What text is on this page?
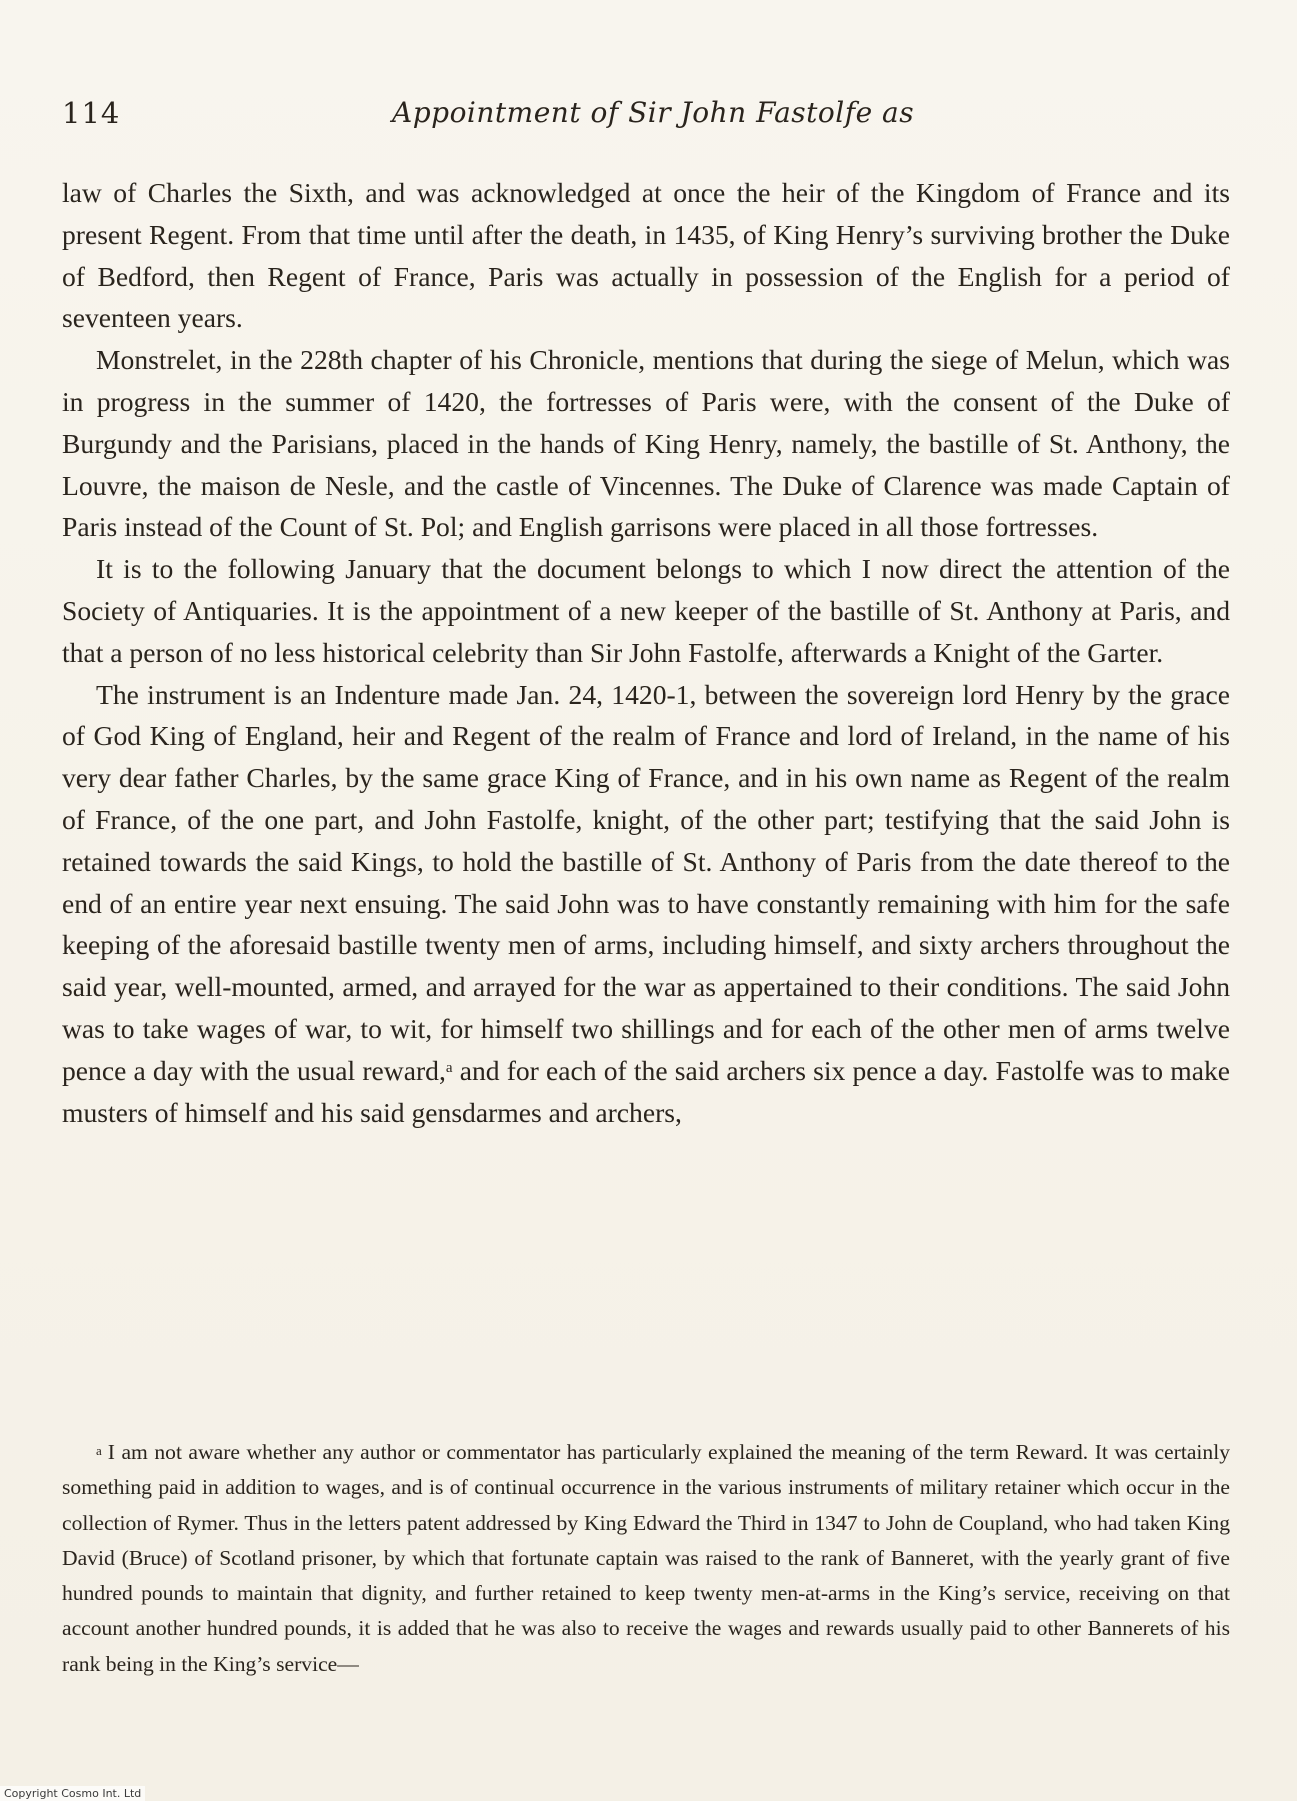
114	Appointment of Sir John Fastolfe as

law of Charles the Sixth, and was acknowledged at once the heir of the Kingdom of France and its present Regent. From that time until after the death, in 1435, of King Henry’s surviving brother the Duke of Bedford, then Regent of France, Paris was actually in possession of the English for a period of seventeen years.

Monstrelet, in the 228th chapter of his Chronicle, mentions that during the siege of Melun, which was in progress in the summer of 1420, the fortresses of Paris were, with the consent of the Duke of Burgundy and the Parisians, placed in the hands of King Henry, namely, the bastille of St. Anthony, the Louvre, the maison de Nesle, and the castle of Vincennes. The Duke of Clarence was made Captain of Paris instead of the Count of St. Pol; and English garrisons were placed in all those fortresses.

It is to the following January that the document belongs to which I now direct the attention of the Society of Antiquaries. It is the appointment of a new keeper of the bastille of St. Anthony at Paris, and that a person of no less historical celebrity than Sir John Fastolfe, afterwards a Knight of the Garter.

The instrument is an Indenture made Jan. 24, 1420-1, between the sovereign lord Henry by the grace of God King of England, heir and Regent of the realm of France and lord of Ireland, in the name of his very dear father Charles, by the same grace King of France, and in his own name as Regent of the realm of France, of the one part, and John Fastolfe, knight, of the other part; testifying that the said John is retained towards the said Kings, to hold the bastille of St. Anthony of Paris from the date thereof to the end of an entire year next ensuing. The said John was to have constantly remaining with him for the safe keeping of the aforesaid bastille twenty men of arms, including himself, and sixty archers throughout the said year, well-mounted, armed, and arrayed for the war as appertained to their conditions. The said John was to take wages of war, to wit, for himself two shillings and for each of the other men of arms twelve pence a day with the usual reward,$^a$ and for each of the said archers six pence a day. Fastolfe was to make musters of himself and his said gensdarmes and archers,

$^a$ I am not aware whether any author or commentator has particularly explained the meaning of the term Reward. It was certainly something paid in addition to wages, and is of continual occurrence in the various instruments of military retainer which occur in the collection of Rymer. Thus in the letters patent addressed by King Edward the Third in 1347 to John de Coupland, who had taken King David (Bruce) of Scotland prisoner, by which that fortunate captain was raised to the rank of Banneret, with the yearly grant of five hundred pounds to maintain that dignity, and further retained to keep twenty men-at-arms in the King’s service, receiving on that account another hundred pounds, it is added that he was also to receive the wages and rewards usually paid to other Bannerets of his rank being in the King’s service—

Copyright Cosmo Int. Ltd
